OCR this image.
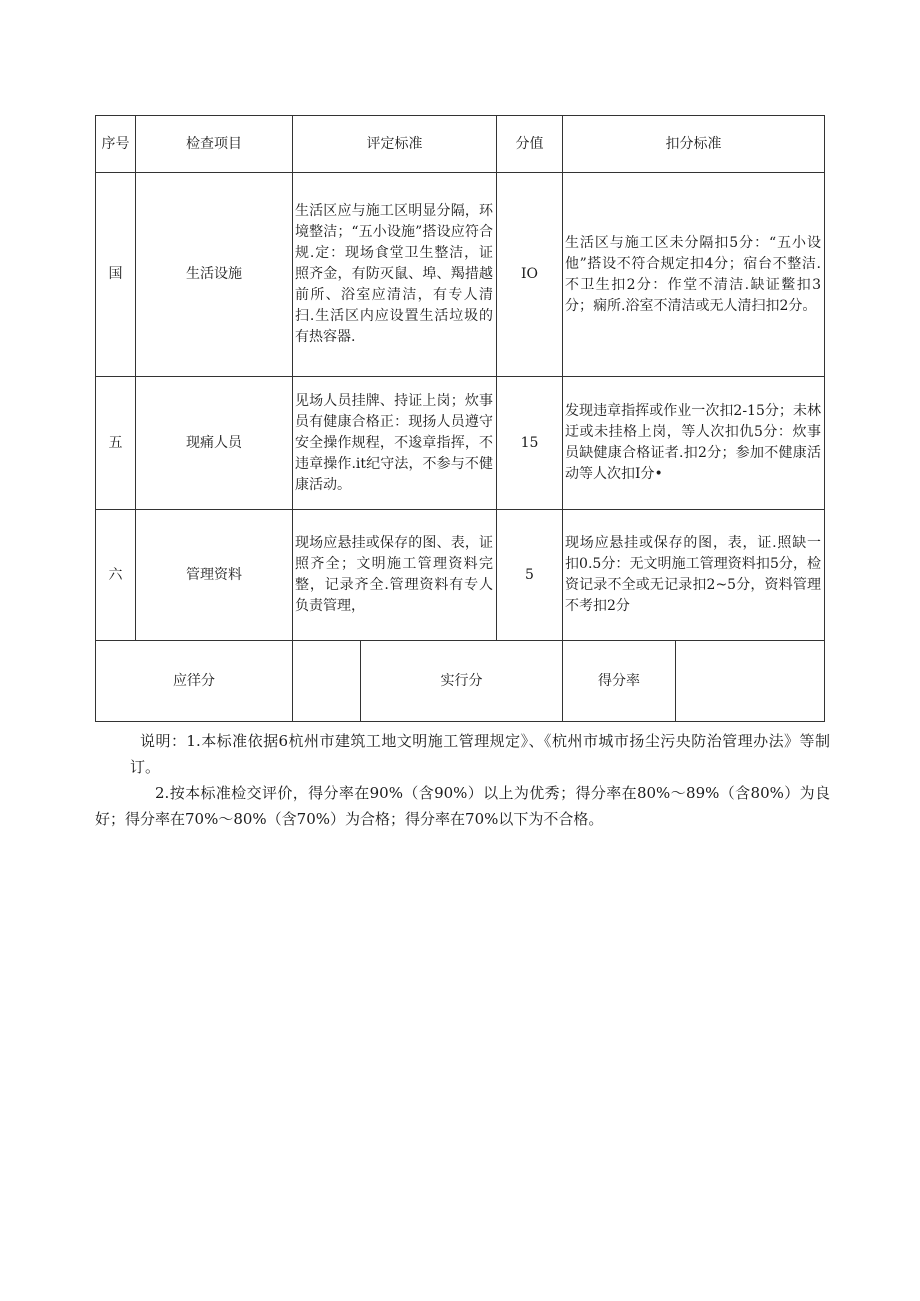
序号	检查项目	评定标准		分值	扣分标准	
国	生活设施	生活区应与施工区明显分隔，环境整洁；“五小设施”搭设应符合规.定：现场食堂卫生整洁，证照齐金，有防灭鼠、埠、羯措越 前所、浴室应清洁，有专人清扫.生活区内应设置生活垃圾的有热容器.		IO	生活区与施工区未分隔扣5分：“五小设他”搭设不符合规定扣4分；宿台不整洁.不卫生扣2分：作堂不清洁.缺证鳖扣3分；痫所.浴室不清洁或无人清扫扣2分。	
五	现痛人员	见场人员挂牌、持证上岗；炊事员有健康合格正：现扬人员遵守安全操作规程，不逡章指挥，不违章操作.it纪守法，不参与不健康活动。		15	发现违章指挥或作业一次扣2-15分；未林迂或未挂格上岗，等人次扣仇5分：炊事员缺健康合格证者.扣2分；参加不健康活动等人次扣I分•	
六	管理资料	现场应悬挂或保存的图、表，证照齐全；文明施工管理资料完整，记录齐全.管理资料有专人负责管理，		5	现场应悬挂或保存的图，表，证.照缺一扣0.5分：无文明施工管理资料扣5分，检资记录不全或无记录扣2~5分，资料管理不考扣2分	
应徉分			实行分		得分率	

说明：1.本标准依据6杭州市建筑工地文明施工管理规定》、《杭州市城市扬尘污央防治管理办法》等制订。

2.按本标准检交评价，得分率在90%（含90%）以上为优秀；得分率在80%～89%（含80%）为良好；得分率在70%～80%（含70%）为合格；得分率在70%以下为不合格。
